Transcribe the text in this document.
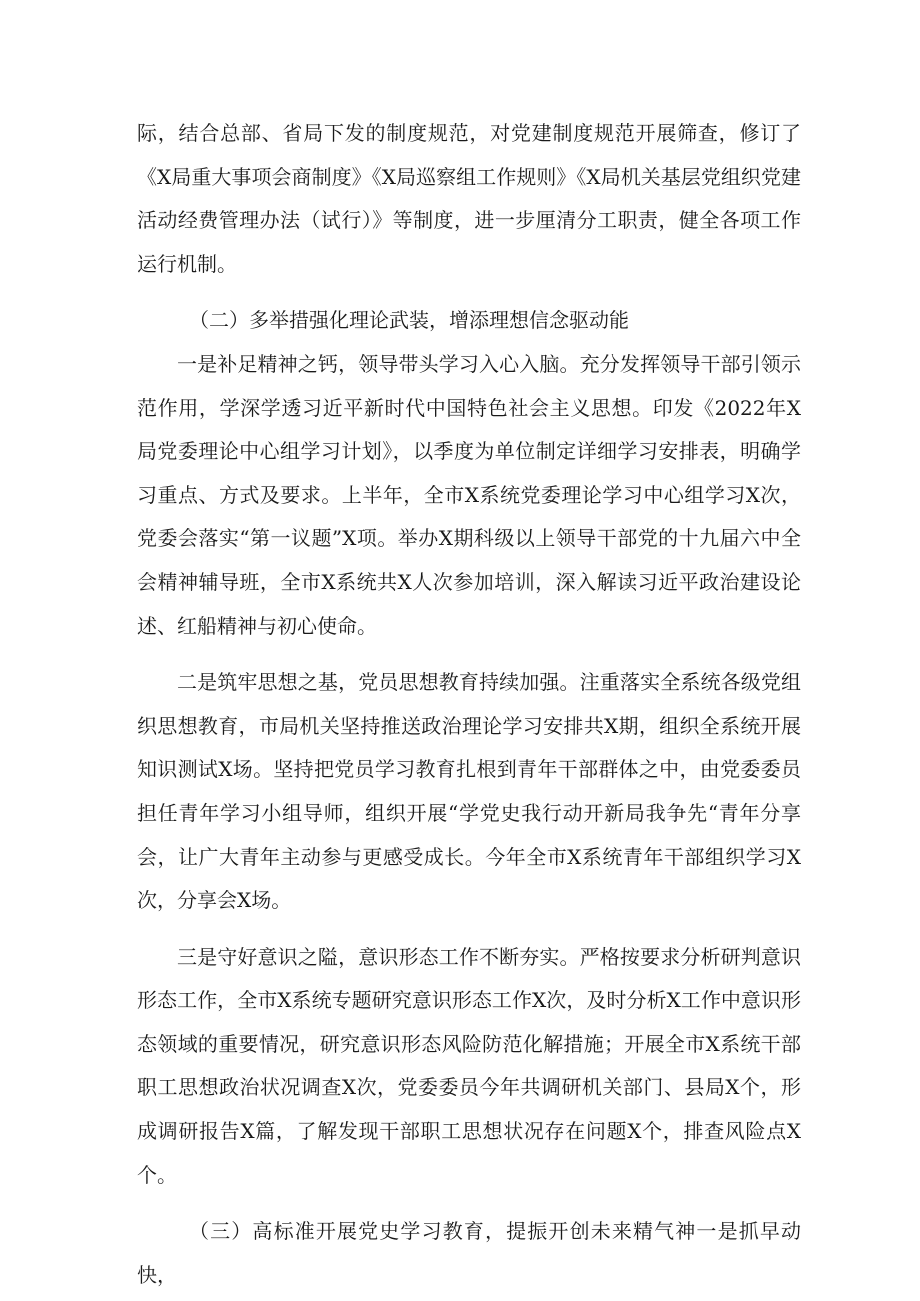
际，结合总部、省局下发的制度规范，对党建制度规范开展筛查，修订了《X局重大事项会商制度》《X局巡察组工作规则》《X局机关基层党组织党建活动经费管理办法（试行）》等制度，进一步厘清分工职责，健全各项工作运行机制。

（二）多举措强化理论武装，增添理想信念驱动能

一是补足精神之钙，领导带头学习入心入脑。充分发挥领导干部引领示范作用，学深学透习近平新时代中国特色社会主义思想。印发《2022年X局党委理论中心组学习计划》，以季度为单位制定详细学习安排表，明确学习重点、方式及要求。上半年，全市X系统党委理论学习中心组学习X次，党委会落实“第一议题”X项。举办X期科级以上领导干部党的十九届六中全会精神辅导班，全市X系统共X人次参加培训，深入解读习近平政治建设论述、红船精神与初心使命。

二是筑牢思想之基，党员思想教育持续加强。注重落实全系统各级党组织思想教育，市局机关坚持推送政治理论学习安排共X期，组织全系统开展知识测试X场。坚持把党员学习教育扎根到青年干部群体之中，由党委委员担任青年学习小组导师，组织开展“学党史我行动开新局我争先“青年分享会，让广大青年主动参与更感受成长。今年全市X系统青年干部组织学习X次，分享会X场。

三是守好意识之隘，意识形态工作不断夯实。严格按要求分析研判意识形态工作，全市X系统专题研究意识形态工作X次，及时分析X工作中意识形态领域的重要情况，研究意识形态风险防范化解措施；开展全市X系统干部职工思想政治状况调查X次，党委委员今年共调研机关部门、县局X个，形成调研报告X篇，了解发现干部职工思想状况存在问题X个，排查风险点X个。

（三）高标准开展党史学习教育，提振开创未来精气神一是抓早动快，
